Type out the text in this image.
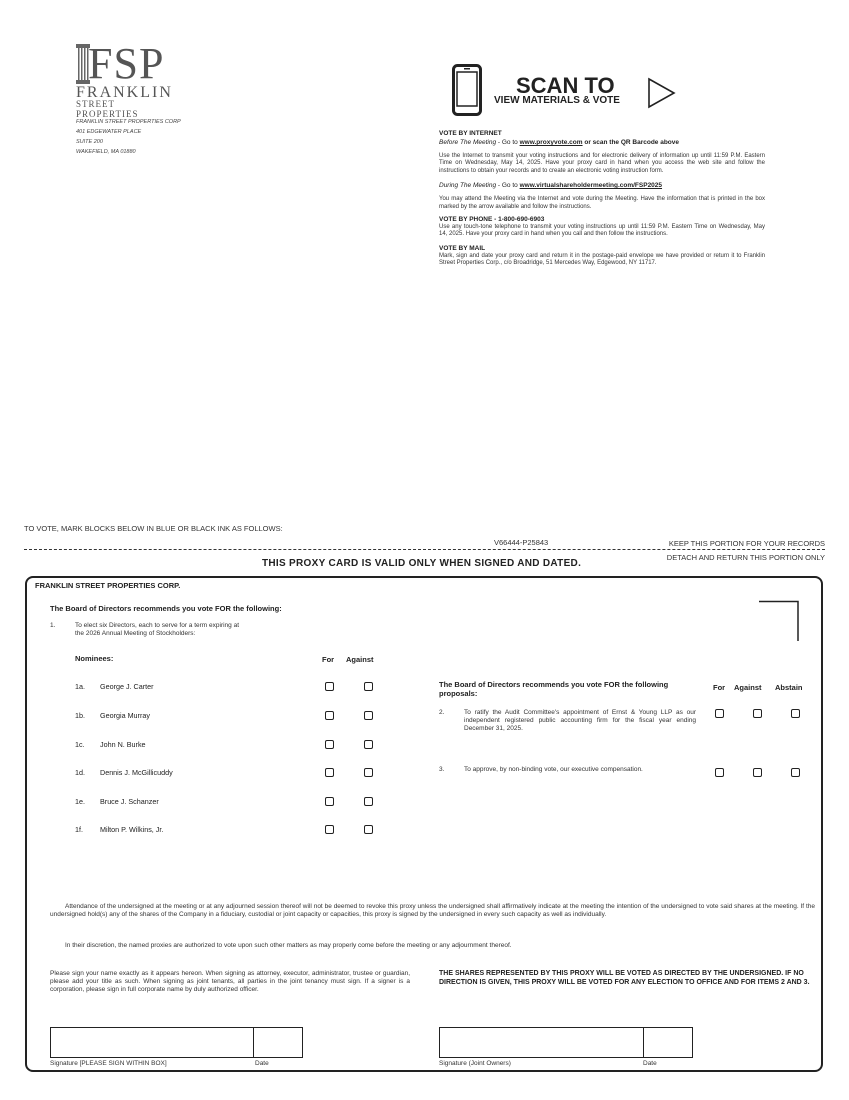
FSP
FRANKLIN
STREET PROPERTIES
FRANKLIN STREET PROPERTIES CORP
401 EDGEWATER PLACE
SUITE 200
WAKEFIELD, MA 01880
SCAN TO
VIEW MATERIALS & VOTE
VOTE BY INTERNET
Before The Meeting - Go to www.proxyvote.com or scan the QR Barcode above
Use the Internet to transmit your voting instructions and for electronic delivery of information up until 11:59 P.M. Eastern Time on Wednesday, May 14, 2025. Have your proxy card in hand when you access the web site and follow the instructions to obtain your records and to create an electronic voting instruction form.
During The Meeting - Go to www.virtualshareholdermeeting.com/FSP2025
You may attend the Meeting via the Internet and vote during the Meeting. Have the information that is printed in the box marked by the arrow available and follow the instructions.
VOTE BY PHONE - 1-800-690-6903
Use any touch-tone telephone to transmit your voting instructions up until 11:59 P.M. Eastern Time on Wednesday, May 14, 2025. Have your proxy card in hand when you call and then follow the instructions.
VOTE BY MAIL
Mark, sign and date your proxy card and return it in the postage-paid envelope we have provided or return it to Franklin Street Properties Corp., c/o Broadridge, 51 Mercedes Way, Edgewood, NY 11717.
TO VOTE, MARK BLOCKS BELOW IN BLUE OR BLACK INK AS FOLLOWS:
V66444-P25843	KEEP THIS PORTION FOR YOUR RECORDS
THIS PROXY CARD IS VALID ONLY WHEN SIGNED AND DATED.
DETACH AND RETURN THIS PORTION ONLY
FRANKLIN STREET PROPERTIES CORP.
The Board of Directors recommends you vote FOR the following:
1.	To elect six Directors, each to serve for a term expiring at
the 2026 Annual Meeting of Stockholders:
Nominees:	For Against
1a. George J. Carter
1b. Georgia Murray
1c. John N. Burke
1d. Dennis J. McGillicuddy
1e. Bruce J. Schanzer
1f. Milton P. Wilkins, Jr.
The Board of Directors recommends you vote FOR the following proposals:
For Against Abstain
2.	To ratify the Audit Committee's appointment of Ernst & Young LLP as our independent registered public accounting firm for the fiscal year ending December 31, 2025.
3.	To approve, by non-binding vote, our executive compensation.
Attendance of the undersigned at the meeting or at any adjourned session thereof will not be deemed to revoke this proxy unless the undersigned shall affirmatively indicate at the meeting the intention of the undersigned to vote said shares at the meeting. If the undersigned hold(s) any of the shares of the Company in a fiduciary, custodial or joint capacity or capacities, this proxy is signed by the undersigned in every such capacity as well as individually.
In their discretion, the named proxies are authorized to vote upon such other matters as may properly come before the meeting or any adjournment thereof.
Please sign your name exactly as it appears hereon. When signing as attorney, executor, administrator, trustee or guardian, please add your title as such. When signing as joint tenants, all parties in the joint tenancy must sign. If a signer is a corporation, please sign in full corporate name by duly authorized officer.
THE SHARES REPRESENTED BY THIS PROXY WILL BE VOTED AS DIRECTED BY THE UNDERSIGNED. IF NO DIRECTION IS GIVEN, THIS PROXY WILL BE VOTED FOR ANY ELECTION TO OFFICE AND FOR ITEMS 2 AND 3.
Signature [PLEASE SIGN WITHIN BOX]	Date	Signature (Joint Owners)	Date
